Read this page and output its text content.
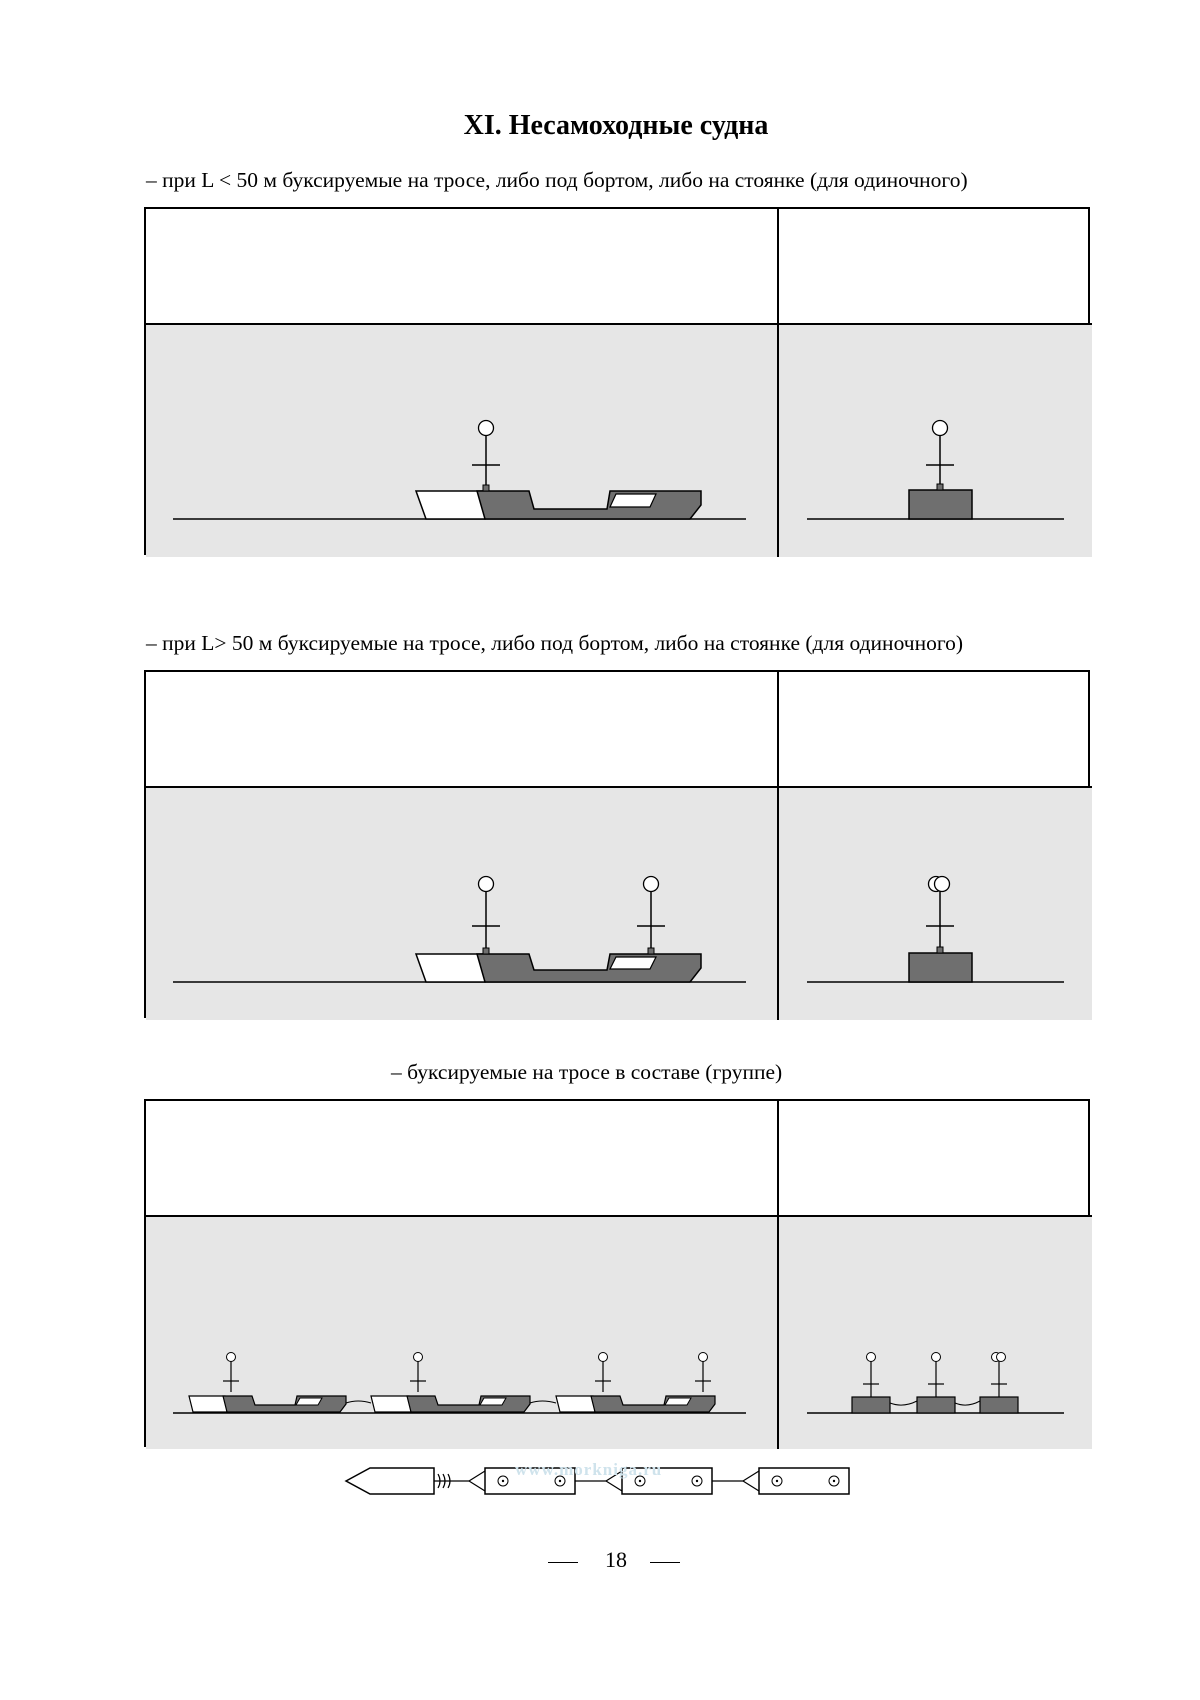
XI. Несамоходные судна
– при L < 50 м буксируемые на тросе, либо под бортом, либо на стоянке (для одиночного)
– при L> 50 м буксируемые на тросе, либо под бортом, либо на стоянке (для одиночного)
– буксируемые на тросе в составе (группе)
www.morkniga.ru
18
